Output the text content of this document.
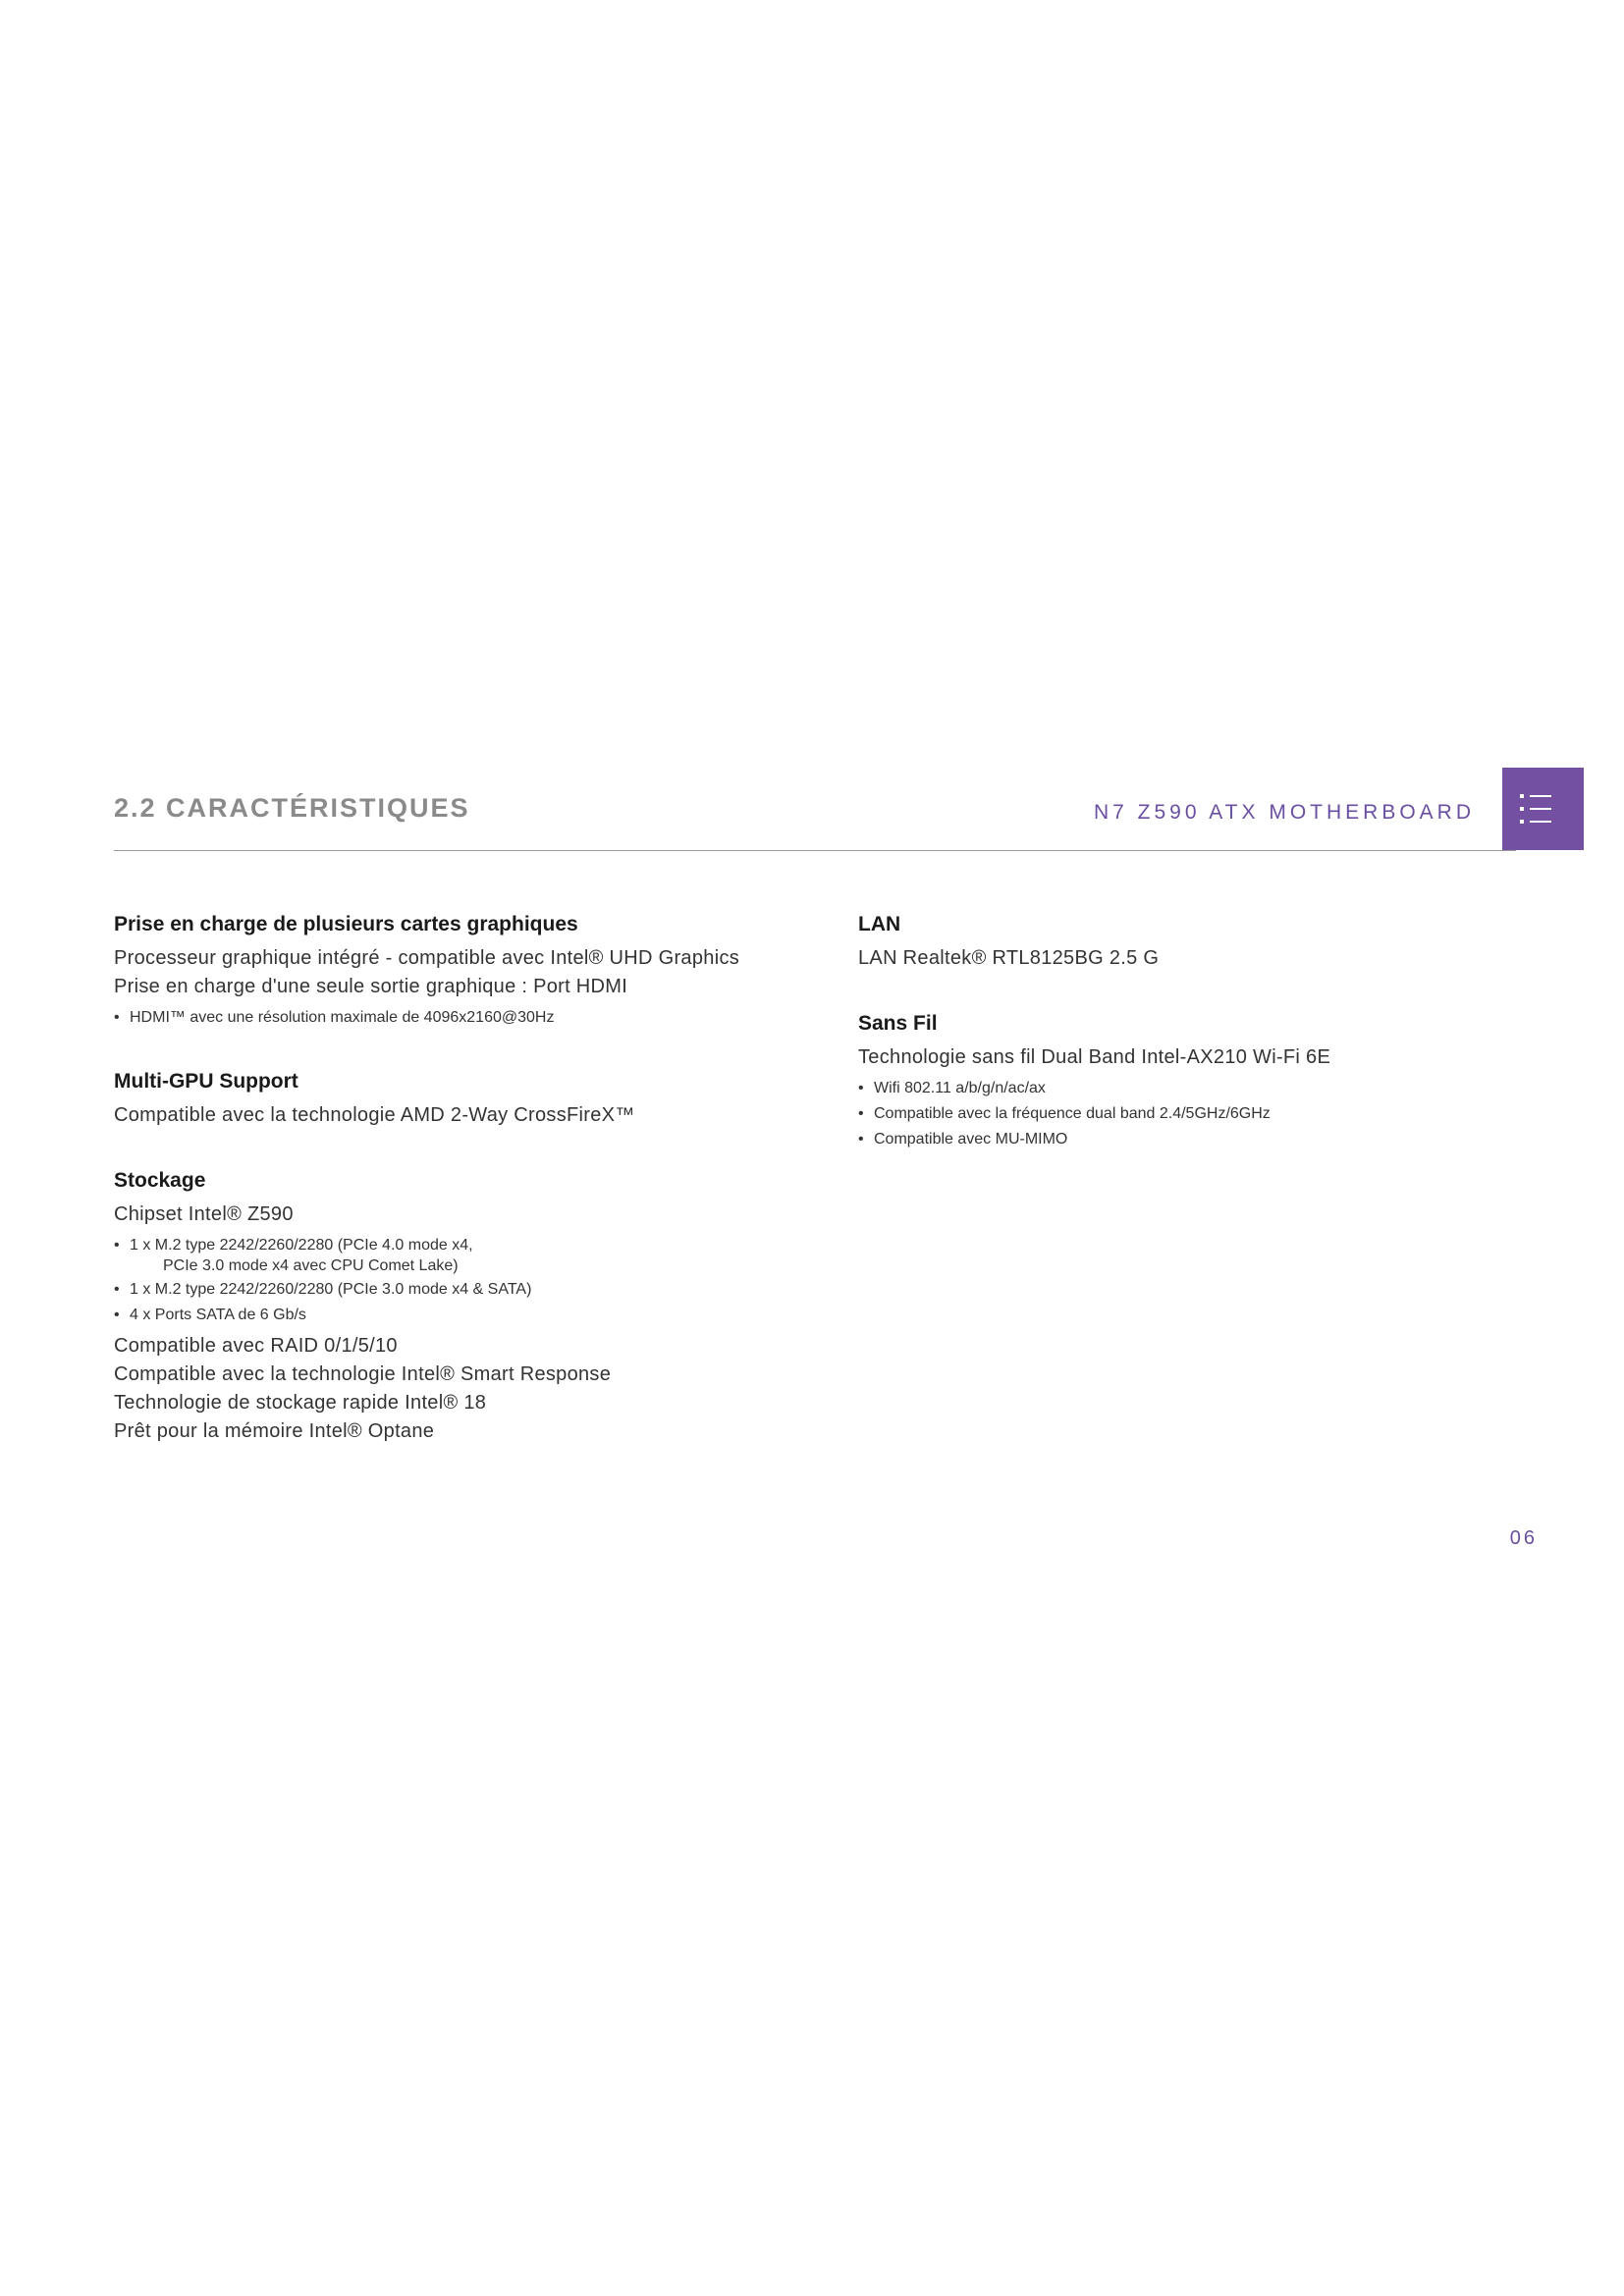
2.2 CARACTÉRISTIQUES	N7 Z590 ATX MOTHERBOARD
Prise en charge de plusieurs cartes graphiques
Processeur graphique intégré - compatible avec Intel® UHD Graphics
Prise en charge d'une seule sortie graphique : Port HDMI
• HDMI™ avec une résolution maximale de 4096x2160@30Hz
Multi-GPU Support
Compatible avec la technologie AMD 2-Way CrossFireX™
Stockage
Chipset Intel® Z590
• 1 x M.2 type 2242/2260/2280 (PCIe 4.0 mode x4,
PCIe 3.0 mode x4 avec CPU Comet Lake)
• 1 x M.2 type 2242/2260/2280 (PCIe 3.0 mode x4 & SATA)
• 4 x Ports SATA de 6 Gb/s
Compatible avec RAID 0/1/5/10
Compatible avec la technologie Intel® Smart Response
Technologie de stockage rapide Intel® 18
Prêt pour la mémoire Intel® Optane
LAN
LAN Realtek® RTL8125BG 2.5 G
Sans Fil
Technologie sans fil Dual Band Intel-AX210 Wi-Fi 6E
• Wifi 802.11 a/b/g/n/ac/ax
• Compatible avec la fréquence dual band 2.4/5GHz/6GHz
• Compatible avec MU-MIMO
06
